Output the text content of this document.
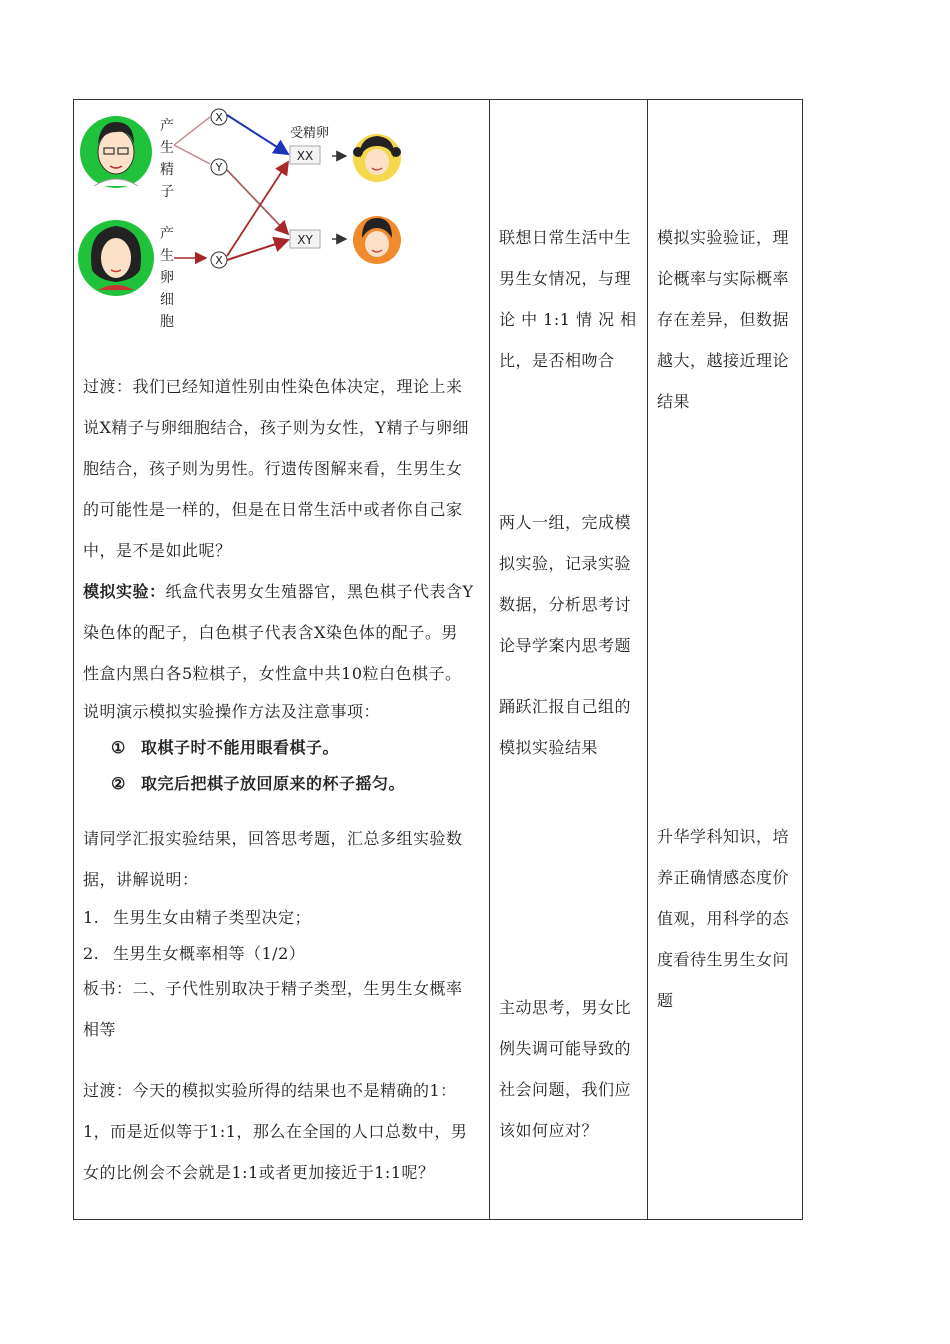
产生精子
产生卵细胞
X
Y
X
受精卵
XX
XY
过渡：我们已经知道性别由性染色体决定，理论上来
说X精子与卵细胞结合，孩子则为女性，Y精子与卵细
胞结合，孩子则为男性。行遗传图解来看，生男生女
的可能性是一样的，但是在日常生活中或者你自己家
中，是不是如此呢？
模拟实验：纸盒代表男女生殖器官，黑色棋子代表含Y
染色体的配子，白色棋子代表含X染色体的配子。男
性盒内黑白各5粒棋子，女性盒中共10粒白色棋子。
说明演示模拟实验操作方法及注意事项：
① 取棋子时不能用眼看棋子。
② 取完后把棋子放回原来的杯子摇匀。
请同学汇报实验结果，回答思考题，汇总多组实验数
据，讲解说明：
1. 生男生女由精子类型决定；
2. 生男生女概率相等（1/2）
板书：二、子代性别取决于精子类型，生男生女概率
相等
过渡：今天的模拟实验所得的结果也不是精确的1：
1，而是近似等于1:1，那么在全国的人口总数中，男
女的比例会不会就是1:1或者更加接近于1:1呢？
联想日常生活中生
男生女情况，与理
论 中 1:1 情 况 相
比，是否相吻合
两人一组，完成模
拟实验，记录实验
数据，分析思考讨
论导学案内思考题
踊跃汇报自己组的
模拟实验结果
主动思考，男女比
例失调可能导致的
社会问题，我们应
该如何应对？
模拟实验验证，理
论概率与实际概率
存在差异，但数据
越大，越接近理论
结果
升华学科知识，培
养正确情感态度价
值观，用科学的态
度看待生男生女问
题
